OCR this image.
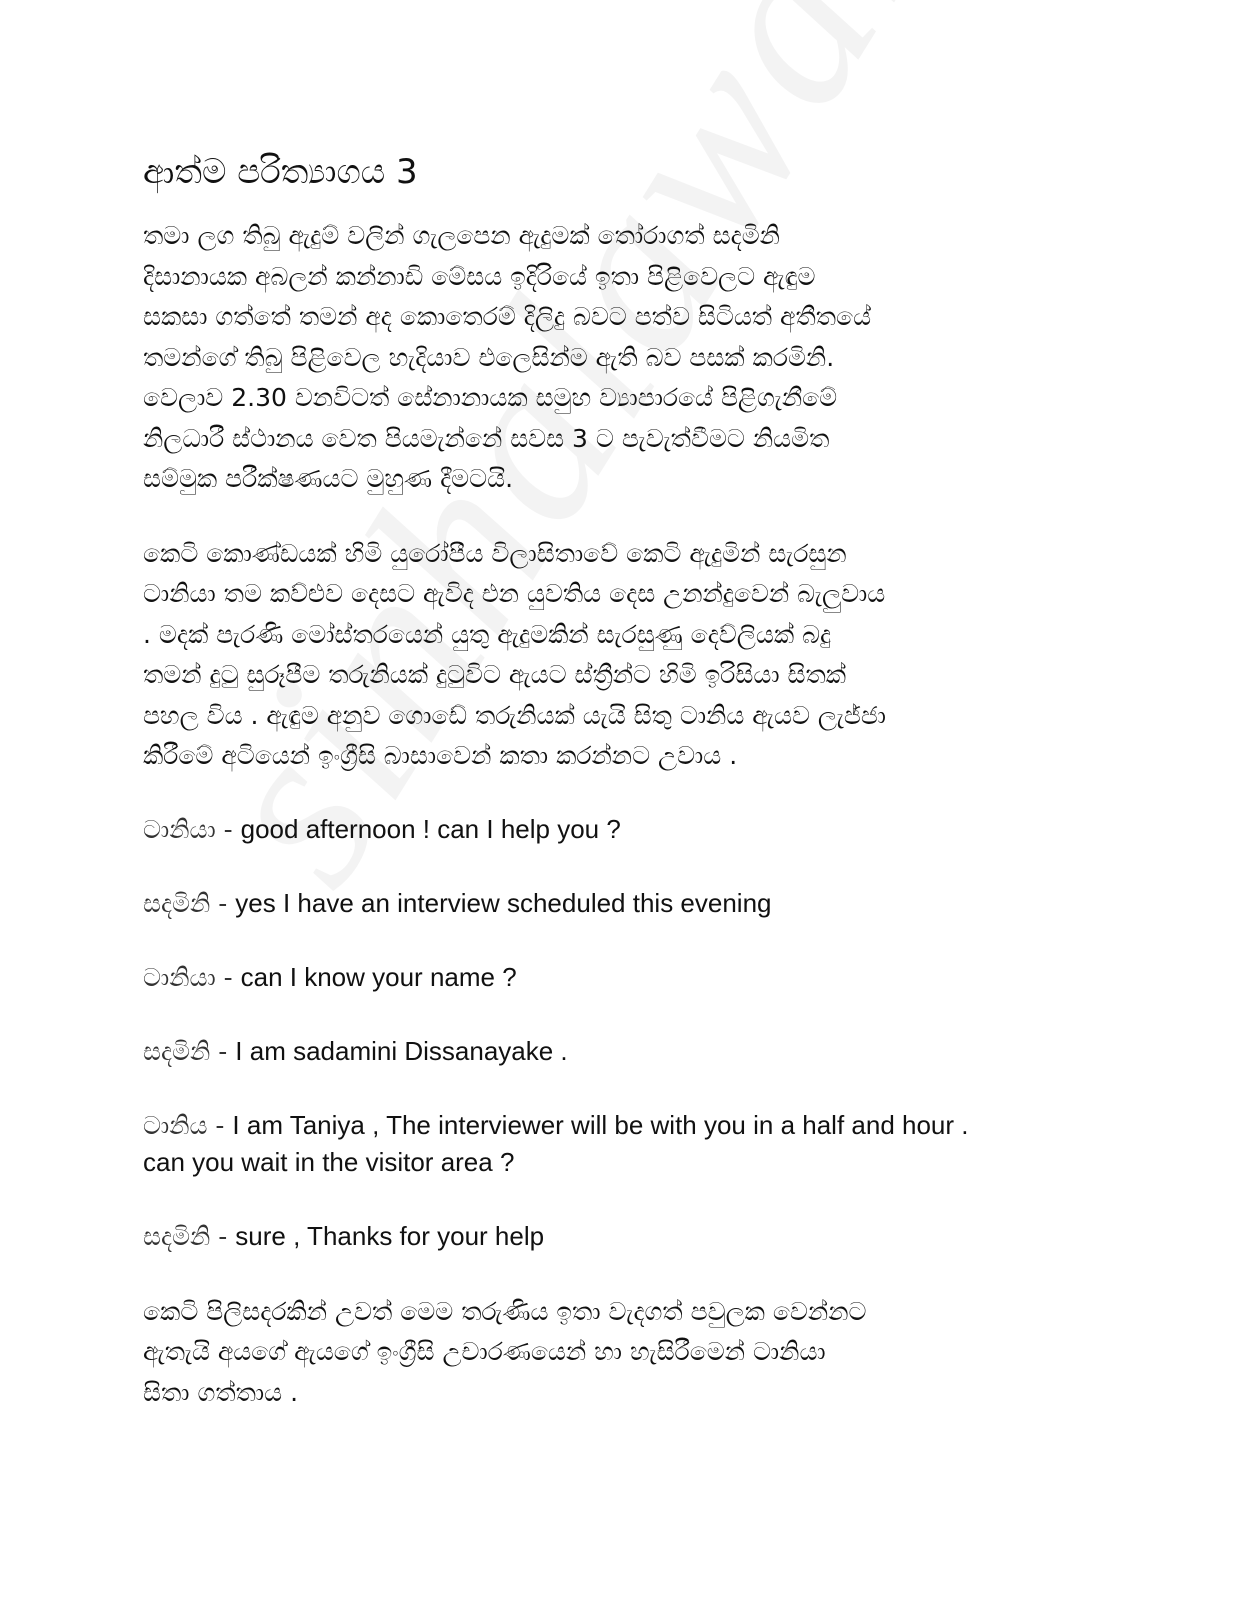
ආත්ම පරිත්‍යාගය 3
තමා ලග තිබු ඇදුම් වලින් ගැලපෙන ඇදුමක් තෝරාගත් සදමිනි
දිසානායක අබලන් කන්නාඩි මේසය ඉදිරියේ ඉතා පිළිවෙලට ඇඳුම
සකසා ගත්තේ තමන් අද කොතෙරම් දිලිදු බවට පත්ව සිටියත් අතීතයේ
තමන්ගේ තිබු පිළිවෙල හැදියාව එලෙසින්ම ඇති බව පසක් කරමිනි.
වෙලාව 2.30 වනවිටත් සේනානායක සමුහ ව්‍යාපාරයේ පිළිගැනීමේ
නිලධාරී ස්ථානය වෙත පියමැන්නේ සවස 3 ට පැවැත්වීමට නියමිත
සම්මුක පරීක්ෂණයට මුහුණ දීමටයි.
කෙටි කොණ්ඩයක් හිමි යුරෝපීය විලාසිතාවේ කෙටි ඇදුමින් සැරසුන
ටානියා තම කව්ළුව දෙසට ඇවිද එන යුවතිය දෙස උනන්දුවෙන් බැලුවාය
. මදක් පැරණි මෝස්තරයෙන් යුතු ඇදුමකින් සැරසුණු දෙව්ලියක් බදු
තමන් දුටු සුරූපීම තරුනියක් දුටුවිට ඇයට ස්ත්‍රීන්ට හිමි ඉරිසියා සිතක්
පහල විය . ඇඳුම අනුව ගොඩේ තරුනියක් යැයි සිතු ටානිය ඇයව ලැජ්ජා
කිරීමේ අටියෙන් ඉංග්‍රීසි බාසාවෙන් කතා කරන්නට උවාය .
ටානියා - good afternoon ! can I help you ?
සදමිනි - yes I have an interview scheduled this evening
ටානියා - can I know your name ?
සදමිනි - I am sadamini Dissanayake .
ටානිය - I am Taniya , The interviewer will be with you in a half and hour .
can you wait in the visitor area ?
සදමිනි - sure , Thanks for your help
කෙටි පිලිසදරකින් උවත් මෙම තරුණිය ඉතා වැදගත් පවුලක වෙන්නට
ඇතැයි අයගේ ඇයගේ ඉංග්‍රීසි උචාරණයෙන් හා හැසිරීමෙන් ටානියා
සිතා ගත්තාය .
